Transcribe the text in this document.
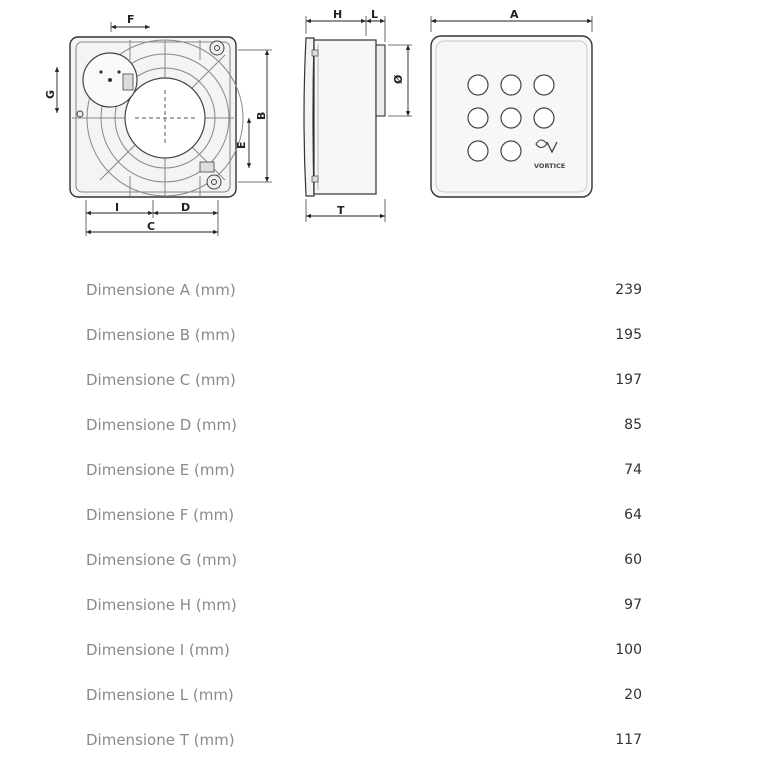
F
G
B
E
I	D
C
H	L
Ø
T
VORTICE
A
Dimensione A (mm)	239
Dimensione B (mm)	195
Dimensione C (mm)	197
Dimensione D (mm)	85
Dimensione E (mm)	74
Dimensione F (mm)	64
Dimensione G (mm)	60
Dimensione H (mm)	97
Dimensione I (mm)	100
Dimensione L (mm)	20
Dimensione T (mm)	117
